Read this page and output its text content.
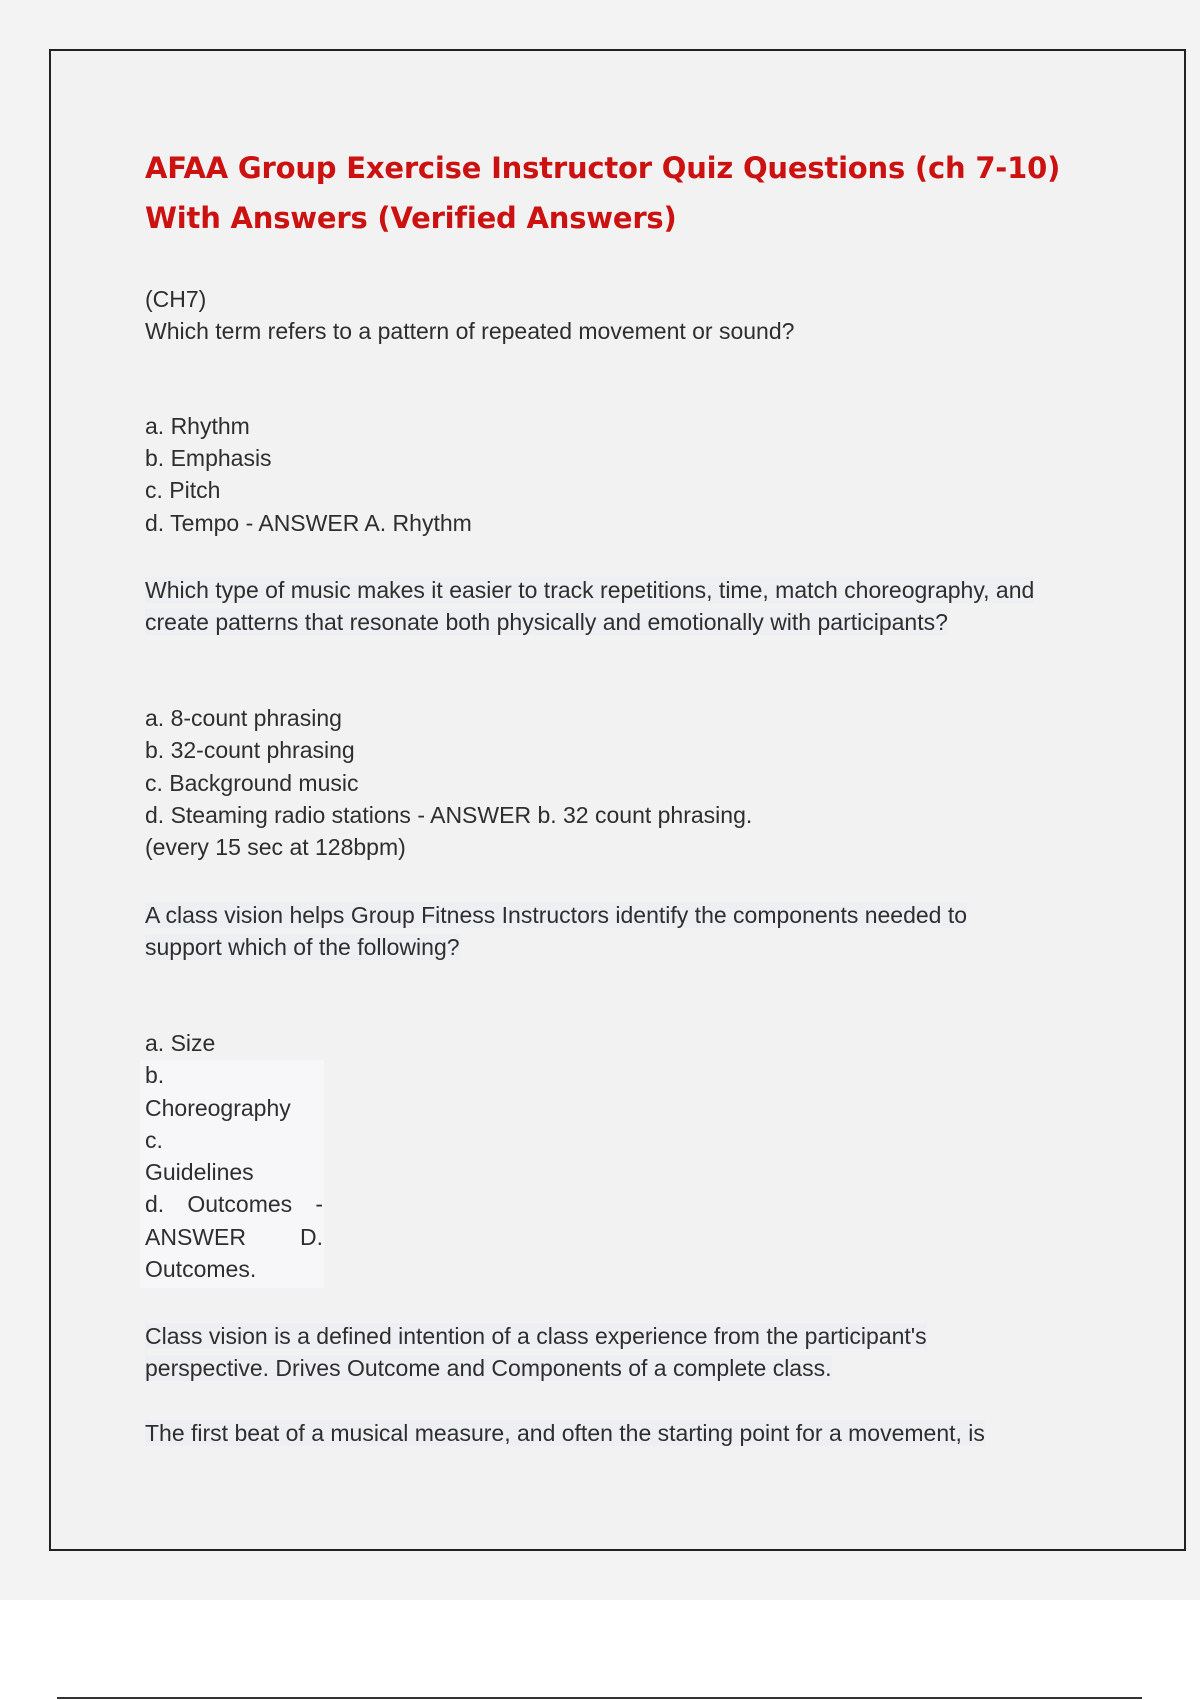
AFAA Group Exercise Instructor Quiz Questions (ch 7-10) With Answers (Verified Answers)

(CH7)

Which term refers to a pattern of repeated movement or sound?

a. Rhythm

b. Emphasis

c. Pitch

d. Tempo - ANSWER A. Rhythm

Which type of music makes it easier to track repetitions, time, match choreography, and

create patterns that resonate both physically and emotionally with participants?

a. 8-count phrasing

b. 32-count phrasing

c. Background music

d. Steaming radio stations - ANSWER b. 32 count phrasing.

(every 15 sec at 128bpm)

A class vision helps Group Fitness Instructors identify the components needed to

support which of the following?

a. Size

b.

Choreography

c.

Guidelines

d. Outcomes -
ANSWER D.

Outcomes.

Class vision is a defined intention of a class experience from the participant's

perspective. Drives Outcome and Components of a complete class.

The first beat of a musical measure, and often the starting point for a movement, is
